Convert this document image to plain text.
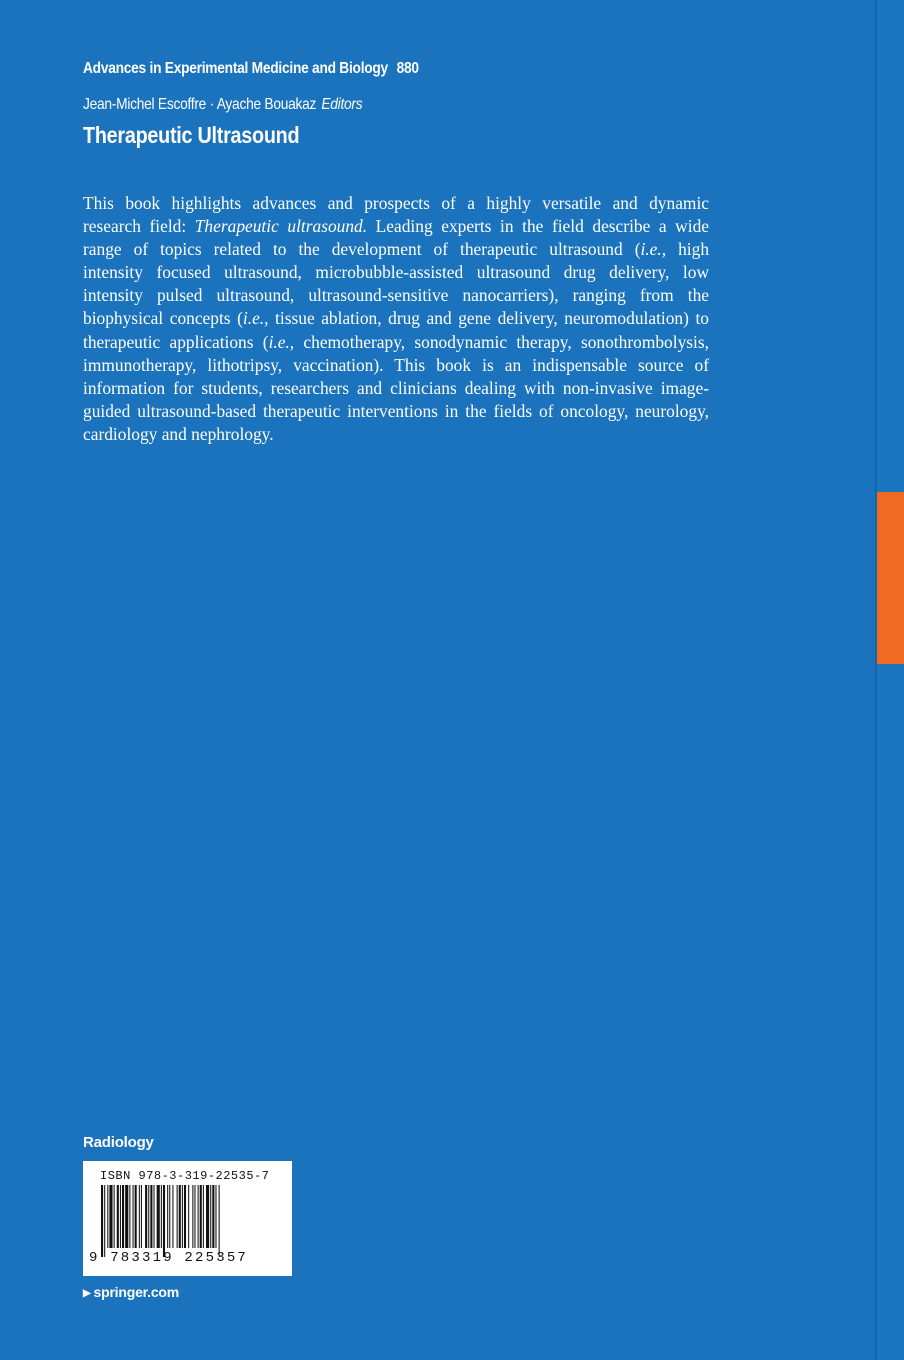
Advances in Experimental Medicine and Biology 880
Jean-Michel Escoffre · Ayache Bouakaz Editors
Therapeutic Ultrasound

This book highlights advances and prospects of a highly versatile and dynamic
research field: Therapeutic ultrasound. Leading experts in the field describe a wide
range of topics related to the development of therapeutic ultrasound (i.e., high
intensity focused ultrasound, microbubble-assisted ultrasound drug delivery, low
intensity pulsed ultrasound, ultrasound-sensitive nanocarriers), ranging from the
biophysical concepts (i.e., tissue ablation, drug and gene delivery, neuromodulation) to
therapeutic applications (i.e., chemotherapy, sonodynamic therapy, sonothrombolysis,
immunotherapy, lithotripsy, vaccination). This book is an indispensable source of
information for students, researchers and clinicians dealing with non-invasive image-
guided ultrasound-based therapeutic interventions in the fields of oncology, neurology,
cardiology and nephrology.

Radiology
ISBN 978-3-319-22535-7
9 783319 225357
▶ springer.com
